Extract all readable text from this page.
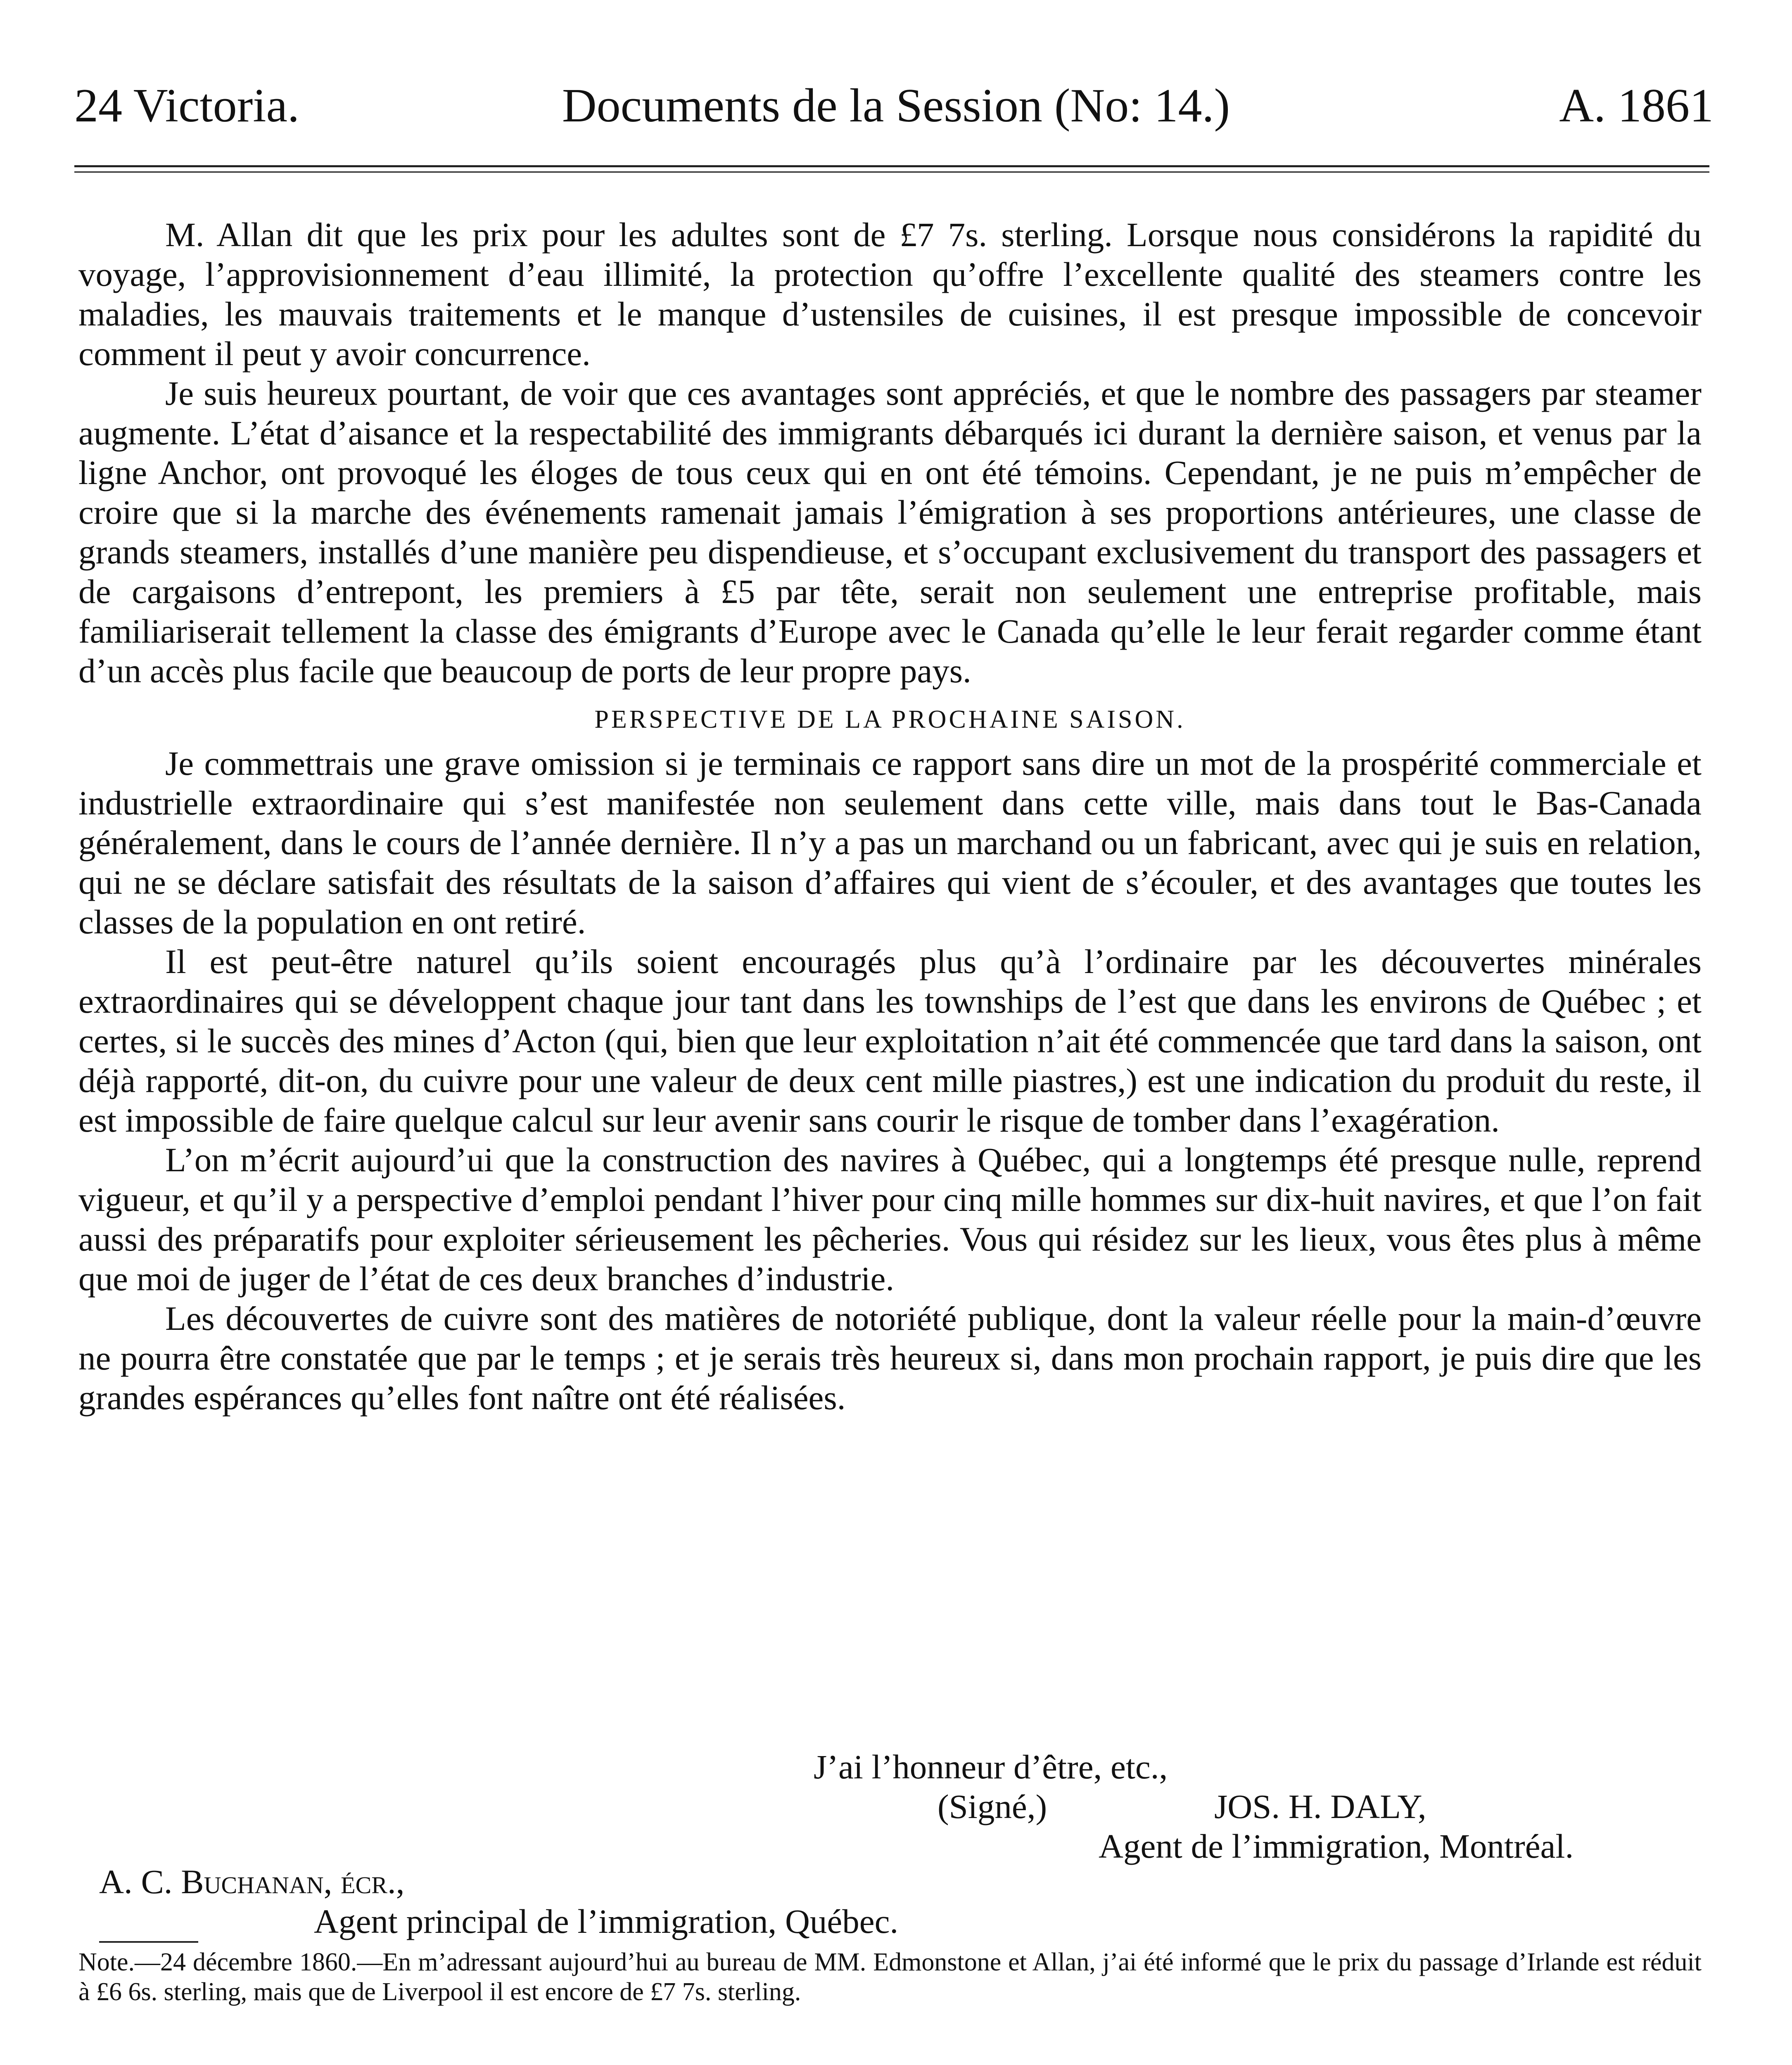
24 Victoria.	Documents de la Session (No: 14.)	A. 1861

M. Allan dit que les prix pour les adultes sont de £7 7s. sterling. Lorsque nous considérons la rapidité du voyage, l’approvisionnement d’eau illimité, la protection qu’offre l’excellente qualité des steamers contre les maladies, les mauvais traitements et le manque d’ustensiles de cuisines, il est presque impossible de concevoir comment il peut y avoir concurrence.

Je suis heureux pourtant, de voir que ces avantages sont appréciés, et que le nombre des passagers par steamer augmente. L’état d’aisance et la respectabilité des immigrants débarqués ici durant la dernière saison, et venus par la ligne Anchor, ont provoqué les éloges de tous ceux qui en ont été témoins. Cependant, je ne puis m’empêcher de croire que si la marche des événements ramenait jamais l’émigration à ses proportions antérieures, une classe de grands steamers, installés d’une manière peu dispendieuse, et s’occupant exclusivement du transport des passagers et de cargaisons d’entrepont, les premiers à £5 par tête, serait non seulement une entreprise profitable, mais familiariserait tellement la classe des émigrants d’Europe avec le Canada qu’elle le leur ferait regarder comme étant d’un accès plus facile que beaucoup de ports de leur propre pays.

PERSPECTIVE DE LA PROCHAINE SAISON.

Je commettrais une grave omission si je terminais ce rapport sans dire un mot de la prospérité commerciale et industrielle extraordinaire qui s’est manifestée non seulement dans cette ville, mais dans tout le Bas-Canada généralement, dans le cours de l’année dernière. Il n’y a pas un marchand ou un fabricant, avec qui je suis en relation, qui ne se déclare satisfait des résultats de la saison d’affaires qui vient de s’écouler, et des avantages que toutes les classes de la population en ont retiré.

Il est peut-être naturel qu’ils soient encouragés plus qu’à l’ordinaire par les découvertes minérales extraordinaires qui se développent chaque jour tant dans les townships de l’est que dans les environs de Québec ; et certes, si le succès des mines d’Acton (qui, bien que leur exploitation n’ait été commencée que tard dans la saison, ont déjà rapporté, dit-on, du cuivre pour une valeur de deux cent mille piastres,) est une indication du produit du reste, il est impossible de faire quelque calcul sur leur avenir sans courir le risque de tomber dans l’exagération.

L’on m’écrit aujourd’ui que la construction des navires à Québec, qui a longtemps été presque nulle, reprend vigueur, et qu’il y a perspective d’emploi pendant l’hiver pour cinq mille hommes sur dix-huit navires, et que l’on fait aussi des préparatifs pour exploiter sérieusement les pêcheries. Vous qui résidez sur les lieux, vous êtes plus à même que moi de juger de l’état de ces deux branches d’industrie.

Les découvertes de cuivre sont des matières de notoriété publique, dont la valeur réelle pour la main-d’œuvre ne pourra être constatée que par le temps ; et je serais très heureux si, dans mon prochain rapport, je puis dire que les grandes espérances qu’elles font naître ont été réalisées.

J’ai l’honneur d’être, etc.,
(Signé,)	JOS. H. DALY,
Agent de l’immigration, Montréal.
A. C. Buchanan, écr.,
Agent principal de l’immigration, Québec.
Note.—24 décembre 1860.—En m’adressant aujourd’hui au bureau de MM. Edmonstone et Allan, j’ai été informé que le prix du passage d’Irlande est réduit à £6 6s. sterling, mais que de Liverpool il est encore de £7 7s. sterling.
